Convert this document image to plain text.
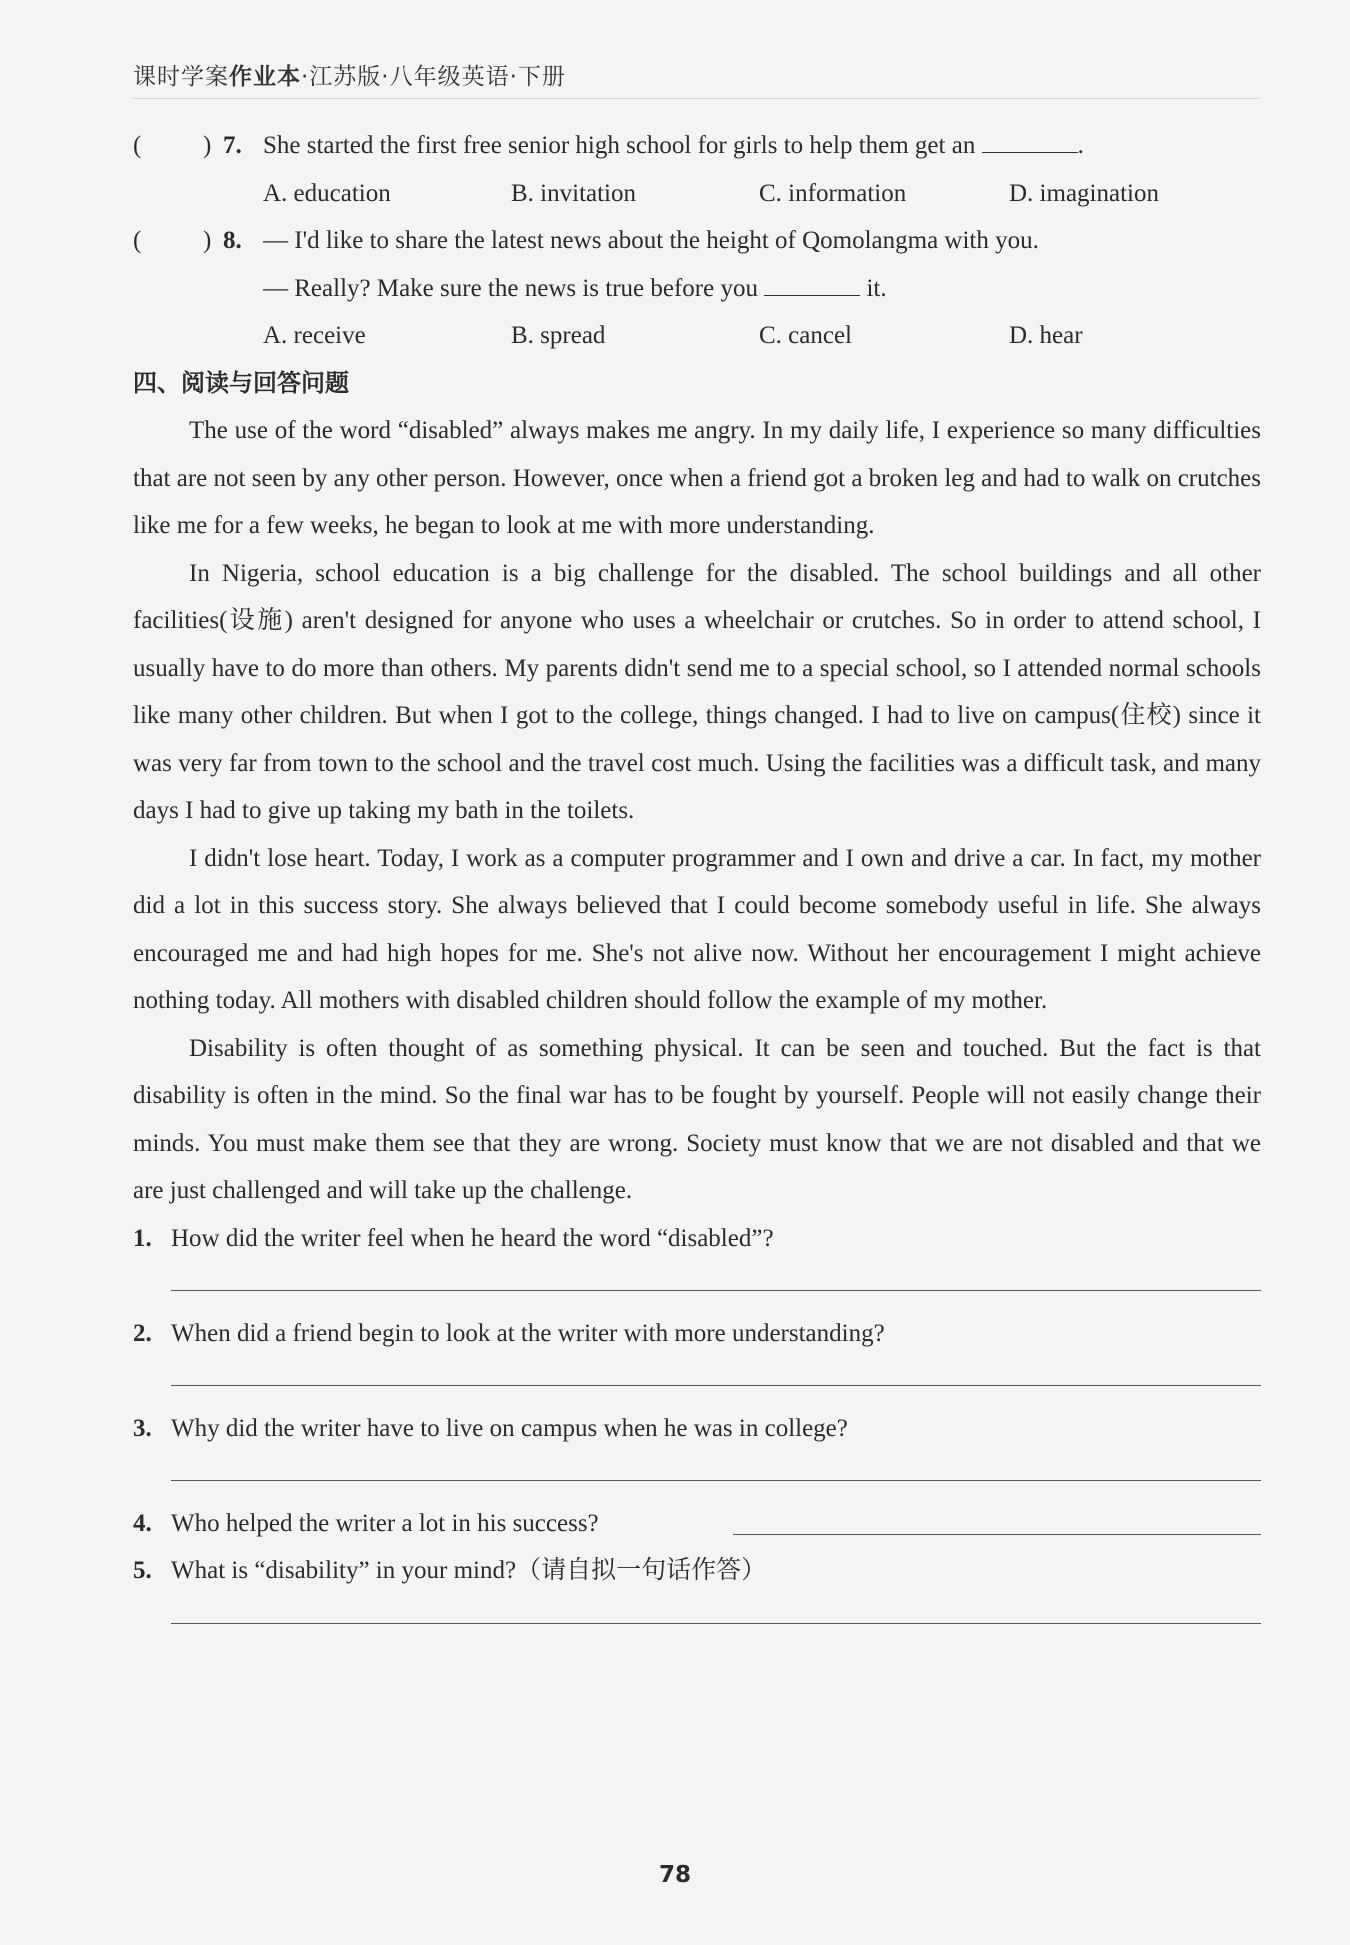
课时学案作业本·江苏版·八年级英语·下册
( ) 7. She started the first free senior high school for girls to help them get an	.
A. education	B. invitation	C. information	D. imagination
( ) 8. — I'd like to share the latest news about the height of Qomolangma with you.
— Really? Make sure the news is true before you	it.
A. receive	B. spread	C. cancel	D. hear
四、阅读与回答问题

The use of the word “disabled” always makes me angry. In my daily life, I experience so many difficulties that are not seen by any other person. However, once when a friend got a broken leg and had to walk on crutches like me for a few weeks, he began to look at me with more understanding.

In Nigeria, school education is a big challenge for the disabled. The school buildings and all other facilities(设施) aren't designed for anyone who uses a wheelchair or crutches. So in order to attend school, I usually have to do more than others. My parents didn't send me to a special school, so I attended normal schools like many other children. But when I got to the college, things changed. I had to live on campus(住校) since it was very far from town to the school and the travel cost much. Using the facilities was a difficult task, and many days I had to give up taking my bath in the toilets.

I didn't lose heart. Today, I work as a computer programmer and I own and drive a car. In fact, my mother did a lot in this success story. She always believed that I could become somebody useful in life. She always encouraged me and had high hopes for me. She's not alive now. Without her encouragement I might achieve nothing today. All mothers with disabled children should follow the example of my mother.

Disability is often thought of as something physical. It can be seen and touched. But the fact is that disability is often in the mind. So the final war has to be fought by yourself. People will not easily change their minds. You must make them see that they are wrong. Society must know that we are not disabled and that we are just challenged and will take up the challenge.

1. How did the writer feel when he heard the word “disabled”?
2. When did a friend begin to look at the writer with more understanding?
3. Why did the writer have to live on campus when he was in college?
4. Who helped the writer a lot in his success?
5. What is “disability” in your mind?（请自拟一句话作答）
78
